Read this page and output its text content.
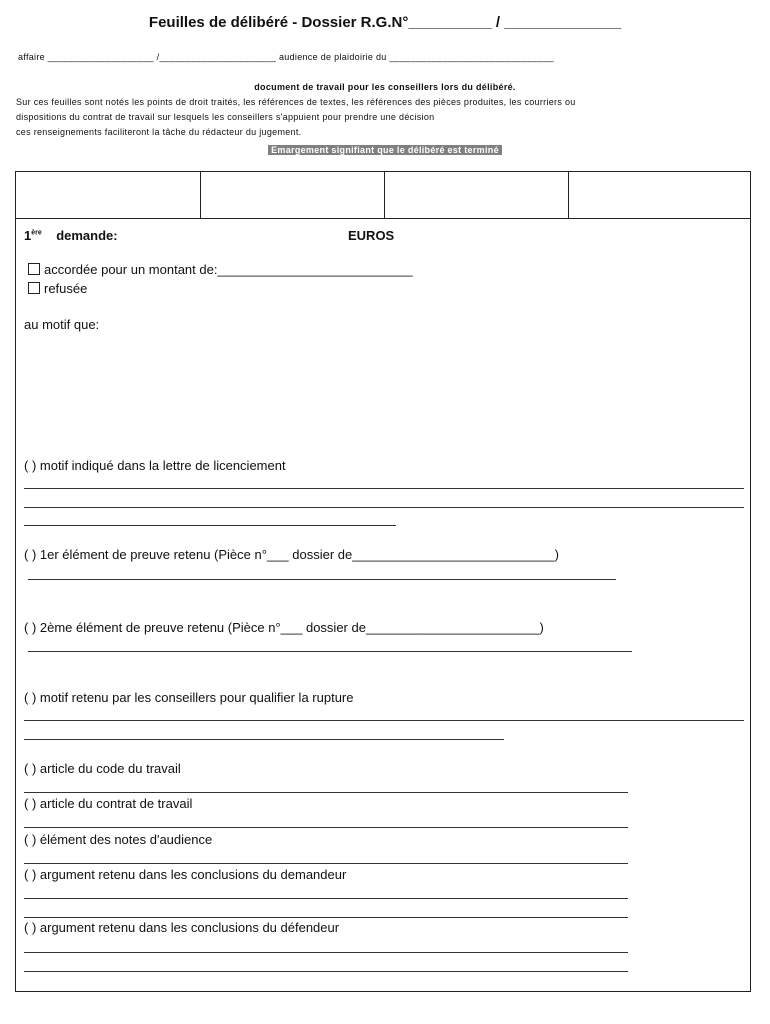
Feuilles de délibéré - Dossier R.G.N°__________ / ______________
affaire ____________________ /______________________ audience de plaidoirie du _______________________________
document de travail pour les conseillers lors du délibéré.
Sur ces feuilles sont notés les points de droit traités, les références de textes, les références des pièces produites, les courriers ou
dispositions du contrat de travail sur lesquels les conseillers s'appuient pour prendre une décision
ces renseignements faciliteront la tâche du rédacteur du jugement.
Emargement signifiant que le délibéré est terminé
1ère demande:	EUROS
accordée pour un montant de:___________________________
refusée
au motif que:
( ) motif indiqué dans la lettre de licenciement
( ) 1er élément de preuve retenu (Pièce n°___ dossier de____________________________)
( ) 2ème élément de preuve retenu (Pièce n°___ dossier de________________________)
( ) motif retenu par les conseillers pour qualifier la rupture
( ) article du code du travail
( ) article du contrat de travail
( ) élément des notes d'audience
( ) argument retenu dans les conclusions du demandeur
( ) argument retenu dans les conclusions du défendeur
